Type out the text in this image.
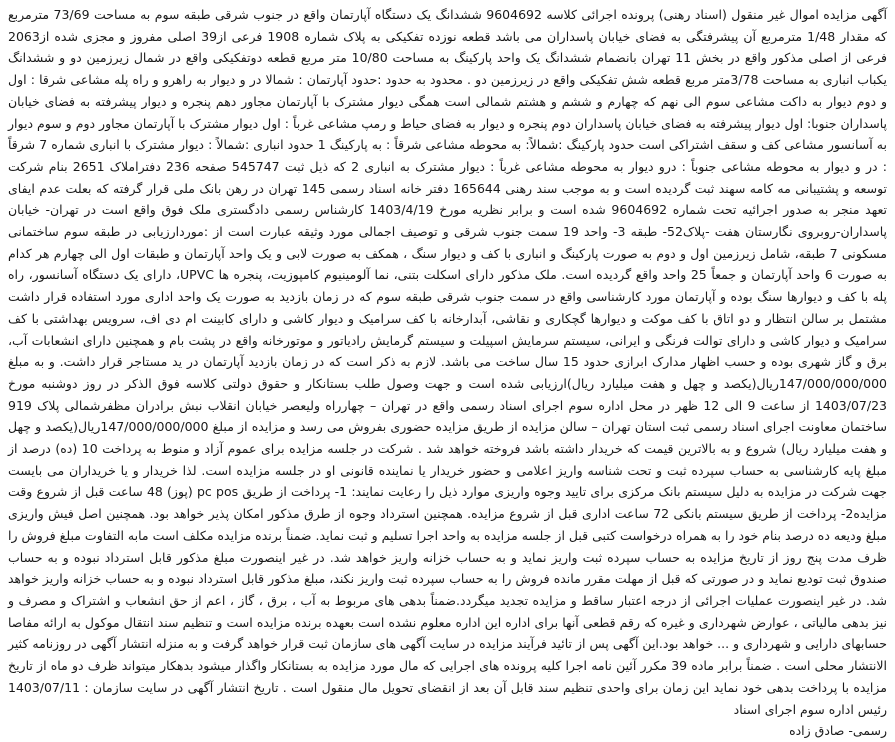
آگهی مزایده اموال غیر منقول (اسناد رهنی) پرونده اجرائی کلاسه 9604692 ششدانگ یک دستگاه آپارتمان واقع در جنوب شرقی طبقه سوم به مساحت 73/69 مترمربع که مقدار 1/48 مترمربع آن پیشرفتگی به فضای خیابان پاسداران می باشد قطعه نوزده تفکیکی به پلاک شماره 1908 فرعی از39 اصلی مفروز و مجزی شده از2063 فرعی از اصلی مذکور واقع در بخش 11 تهران بانضمام ششدانگ یک واحد پارکینگ به مساحت 10/80 متر مربع قطعه دوتفکیکی واقع در شمال زیرزمین دو و ششدانگ یکباب انباری به مساحت 3/78متر مربع قطعه شش تفکیکی واقع در زیرزمین دو . محدود به حدود :حدود آپارتمان : شمالا در و دیوار به راهرو و راه پله مشاعی شرقا : اول و دوم دیوار به داکت مشاعی سوم الی نهم که چهارم و ششم و هشتم شمالی است همگی دیوار مشترک با آپارتمان مجاور دهم پنجره و دیوار پیشرفته به فضای خیابان پاسداران جنوبا: اول دیوار پیشرفته به فضای خیابان پاسداران دوم پنجره و دیوار به فضای حیاط و رمپ مشاعی غرباً : اول دیوار مشترک با آپارتمان مجاور دوم و سوم دیوار به آسانسور مشاعی کف و سقف اشتراکی است حدود پارکینگ :شمالاً: به محوطه مشاعی شرقاً : به پارکینگ 1 حدود انباری :شمالاً : دیوار مشترک با انباری شماره 7 شرقاً : در و دیوار به محوطه مشاعی جنوباً : درو دیوار به محوطه مشاعی غرباً : دیوار مشترک به انباری 2 که ذیل ثبت 545747 صفحه 236 دفتراملاک 2651 بنام شرکت توسعه و پشتیبانی مه کامه سهند ثبت گردیده است و به موجب سند رهنی 165644 دفتر خانه اسناد رسمی 145 تهران در رهن بانک ملی قرار گرفته که بعلت عدم ایفای تعهد منجر به صدور اجرائیه تحت شماره 9604692 شده است و برابر نظریه مورخ 1403/4/19 کارشناس رسمی دادگستری ملک فوق واقع است در تهران- خیابان پاسداران-روبروی نگارستان هفت -پلاک52- طبقه 3- واحد 19 سمت جنوب شرقی و توصیف اجمالی مورد وثیقه عبارت است از :موردارزیابی در طبقه سوم ساختمانی مسکونی 7 طبقه، شامل زیرزمین اول و دوم به صورت پارکینگ و انباری با کف و دیوار سنگ ، همکف به صورت لابی و یک واحد آپارتمان و طبقات اول الی چهارم هر کدام به صورت 6 واحد آپارتمان و جمعاً 25 واحد واقع گردیده است. ملک مذکور دارای اسکلت بتنی، نما آلومینیوم کامپوزیت، پنجره ها UPVC، دارای یک دستگاه آسانسور، راه پله با کف و دیوارها سنگ بوده و آپارتمان مورد کارشناسی واقع در سمت جنوب شرقی طبقه سوم که در زمان بازدید به صورت یک واحد اداری مورد استفاده قرار داشت مشتمل بر سالن انتظار و دو اتاق با کف موکت و دیوارها گچکاری و نقاشی، آبدارخانه با کف سرامیک و دیوار کاشی و دارای کابینت ام دی اف، سرویس بهداشتی با کف سرامیک و دیوار کاشی و دارای توالت فرنگی و ایرانی، سیستم سرمایش اسپیلت و سیستم گرمایش رادیاتور و موتورخانه واقع در پشت بام و همچنین دارای انشعابات آب، برق و گاز شهری بوده و حسب اظهار مدارک ابرازی حدود 15 سال ساخت می باشد. لازم به ذکر است که در زمان بازدید آپارتمان در ید مستاجر قرار داشت. و به مبلغ 147/000/000/000ریال(یکصد و چهل و هفت میلیارد ریال)ارزیابی شده است و جهت وصول طلب بستانکار و حقوق دولتی کلاسه فوق الذکر در روز دوشنبه مورخ 1403/07/23 از ساعت 9 الی 12 ظهر در محل اداره سوم اجرای اسناد رسمی واقع در تهران – چهارراه ولیعصر خیابان انقلاب نبش برادران مظفرشمالی پلاک 919 ساختمان معاونت اجرای اسناد رسمی ثبت استان تهران – سالن مزایده از طریق مزایده حضوری بفروش می رسد و مزایده از مبلغ 147/000/000/000ریال(یکصد و چهل و هفت میلیارد ریال) شروع و به بالاترین قیمت که خریدار داشته باشد فروخته خواهد شد . شرکت در جلسه مزایده برای عموم آزاد و منوط به پرداخت 10 (ده) درصد از مبلغ پایه کارشناسی به حساب سپرده ثبت و تحت شناسه واریز اعلامی و حضور خریدار یا نماینده قانونی او در جلسه مزایده است. لذا خریدار و یا خریداران می بایست جهت شرکت در مزایده به دلیل سیستم بانک مرکزی برای تایید وجوه واریزی موارد ذیل را رعایت نمایند: 1- پرداخت از طریق pc pos (پوز) 48 ساعت قبل از شروع وقت مزایده2- پرداخت از طریق سیستم بانکی 72 ساعت اداری قبل از شروع مزایده. همچنین استرداد وجوه از طرق مذکور امکان پذیر خواهد بود. همچنین اصل فیش واریزی مبلغ ودیعه ده درصد بنام خود را به همراه درخواست کتبی قبل از جلسه مزایده به واحد اجرا تسلیم و ثبت نماید. ضمناً برنده مزایده مکلف است مابه التفاوت مبلغ فروش را ظرف مدت پنج روز از تاریخ مزایده به حساب سپرده ثبت واریز نماید و به حساب خزانه واریز خواهد شد. در غیر اینصورت مبلغ مذکور قابل استرداد نبوده و به حساب صندوق ثبت تودیع نماید و در صورتی که قبل از مهلت مقرر مانده فروش را به حساب سپرده ثبت واریز نکند، مبلغ مذکور قابل استرداد نبوده و به حساب خزانه واریز خواهد شد. در غیر اینصورت عملیات اجرائی از درجه اعتبار ساقط و مزایده تجدید میگردد.ضمناً بدهی های مربوط به آب ، برق ، گاز ، اعم از حق انشعاب و اشتراک و مصرف و نیز بدهی مالیاتی ، عوارض شهرداری و غیره که رقم قطعی آنها برای اداره این اداره معلوم نشده است بعهده برنده مزایده است و تنظیم سند انتقال موکول به ارائه مفاصا حسابهای دارایی و شهرداری و ... خواهد بود.این آگهی پس از تائید فرآیند مزایده در سایت آگهی های سازمان ثبت قرار خواهد گرفت و به منزله انتشار آگهی در روزنامه کثیر الانتشار محلی است . ضمناً برابر ماده 39 مکرر آئین نامه اجرا کلیه پرونده های اجرایی که مال مورد مزایده به بستانکار واگذار میشود بدهکار میتواند ظرف دو ماه از تاریخ مزایده با پرداخت بدهی خود نماید این زمان برای واحدی تنظیم سند قابل آن بعد از انقضای تحویل مال منقول است . تاریخ انتشار آگهی در سایت سازمان : 1403/07/11 رئیس اداره سوم اجرای اسناد

رسمی- صادق زاده
